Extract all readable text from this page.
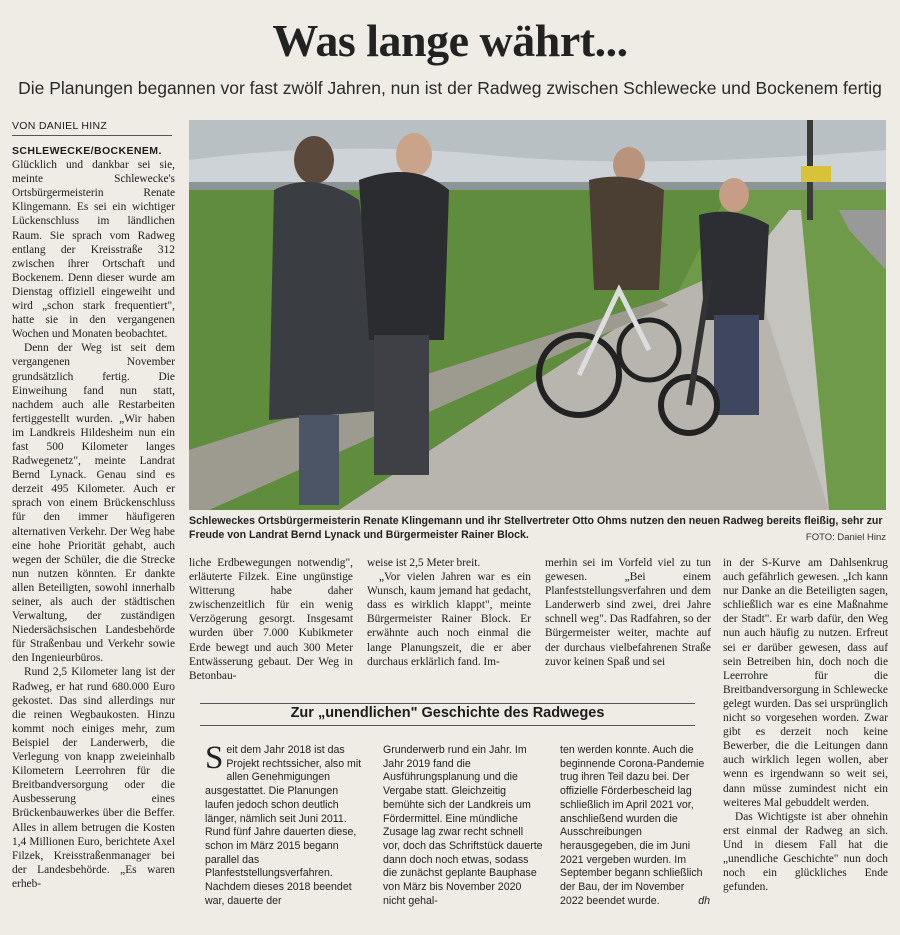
Was lange währt...
Die Planungen begannen vor fast zwölf Jahren, nun ist der Radweg zwischen Schlewecke und Bockenem fertig
VON DANIEL HINZ

SCHLEWECKE/BOCKENEM.
Glücklich und dankbar sei sie, meinte Schlewecke's Ortsbürgermeisterin Renate Klingemann. Es sei ein wichtiger Lückenschluss im ländlichen Raum. Sie sprach vom Radweg entlang der Kreisstraße 312 zwischen ihrer Ortschaft und Bockenem. Denn dieser wurde am Dienstag offiziell eingeweiht und wird „schon stark frequentiert", hatte sie in den vergangenen Wochen und Monaten beobachtet.

Denn der Weg ist seit dem vergangenen November grundsätzlich fertig. Die Einweihung fand nun statt, nachdem auch alle Restarbeiten fertiggestellt wurden. „Wir haben im Landkreis Hildesheim nun ein fast 500 Kilometer langes Radwegenetz", meinte Landrat Bernd Lynack. Genau sind es derzeit 495 Kilometer. Auch er sprach von einem Brückenschluss für den immer häufigeren alternativen Verkehr. Der Weg habe eine hohe Priorität gehabt, auch wegen der Schüler, die die Strecke nun nutzen könnten. Er dankte allen Beteiligten, sowohl innerhalb seiner, als auch der städtischen Verwaltung, der zuständigen Niedersächsischen Landesbehörde für Straßenbau und Verkehr sowie den Ingenieurbüros.

Rund 2,5 Kilometer lang ist der Radweg, er hat rund 680.000 Euro gekostet. Das sind allerdings nur die reinen Wegbaukosten. Hinzu kommt noch einiges mehr, zum Beispiel der Landerwerb, die Verlegung von knapp zweieinhalb Kilometern Leerrohren für die Breitbandversorgung oder die Ausbesserung eines Brückenbauwerkes über die Beffer. Alles in allem betrugen die Kosten 1,4 Millionen Euro, berichtete Axel Filzek, Kreisstraßenmanager bei der Landesbehörde. „Es waren erheb-

Schleweckes Ortsbürgermeisterin Renate Klingemann und ihr Stellvertreter Otto Ohms nutzen den neuen Radweg bereits fleißig, sehr zur Freude von Landrat Bernd Lynack und Bürgermeister Rainer Block.	FOTO: Daniel Hinz

liche Erdbewegungen notwendig", erläuterte Filzek. Eine ungünstige Witterung habe daher zwischenzeitlich für ein wenig Verzögerung gesorgt. Insgesamt wurden über 7.000 Kubikmeter Erde bewegt und auch 300 Meter Entwässerung gebaut. Der Weg in Betonbau-

weise ist 2,5 Meter breit.

„Vor vielen Jahren war es ein Wunsch, kaum jemand hat gedacht, dass es wirklich klappt", meinte Bürgermeister Rainer Block. Er erwähnte auch noch einmal die lange Planungszeit, die er aber durchaus erklärlich fand. Im-

merhin sei im Vorfeld viel zu tun gewesen. „Bei einem Planfeststellungsverfahren und dem Landerwerb sind zwei, drei Jahre schnell weg". Das Radfahren, so der Bürgermeister weiter, machte auf der durchaus vielbefahrenen Straße zuvor keinen Spaß und sei

Zur „unendlichen" Geschichte des Radweges
Seit dem Jahr 2018 ist das Projekt rechtssicher, also mit allen Genehmigungen ausgestattet. Die Planungen laufen jedoch schon deutlich länger, nämlich seit Juni 2011. Rund fünf Jahre dauerten diese, schon im März 2015 begann parallel das Planfeststellungsverfahren. Nachdem dieses 2018 beendet war, dauerte der
Grunderwerb rund ein Jahr. Im Jahr 2019 fand die Ausführungsplanung und die Vergabe statt. Gleichzeitig bemühte sich der Landkreis um Fördermittel. Eine mündliche Zusage lag zwar recht schnell vor, doch das Schriftstück dauerte dann doch noch etwas, sodass die zunächst geplante Bauphase von März bis November 2020 nicht gehal-
ten werden konnte. Auch die beginnende Corona-Pandemie trug ihren Teil dazu bei. Der offizielle Förderbescheid lag schließlich im April 2021 vor, anschließend wurden die Ausschreibungen herausgegeben, die im Juni 2021 vergeben wurden. Im September begann schließlich der Bau, der im November 2022 beendet wurde.	dh

in der S-Kurve am Dahlsenkrug auch gefährlich gewesen. „Ich kann nur Danke an die Beteiligten sagen, schließlich war es eine Maßnahme der Stadt". Er warb dafür, den Weg nun auch häufig zu nutzen. Erfreut sei er darüber gewesen, dass auf sein Betreiben hin, doch noch die Leerrohre für die Breitbandversorgung in Schlewecke gelegt wurden. Das sei ursprünglich nicht so vorgesehen worden. Zwar gibt es derzeit noch keine Bewerber, die die Leitungen dann auch wirklich legen wollen, aber wenn es irgendwann so weit sei, dann müsse zumindest nicht ein weiteres Mal gebuddelt werden.

Das Wichtigste ist aber ohnehin erst einmal der Radweg an sich. Und in diesem Fall hat die „unendliche Geschichte" nun doch noch ein glückliches Ende gefunden.
